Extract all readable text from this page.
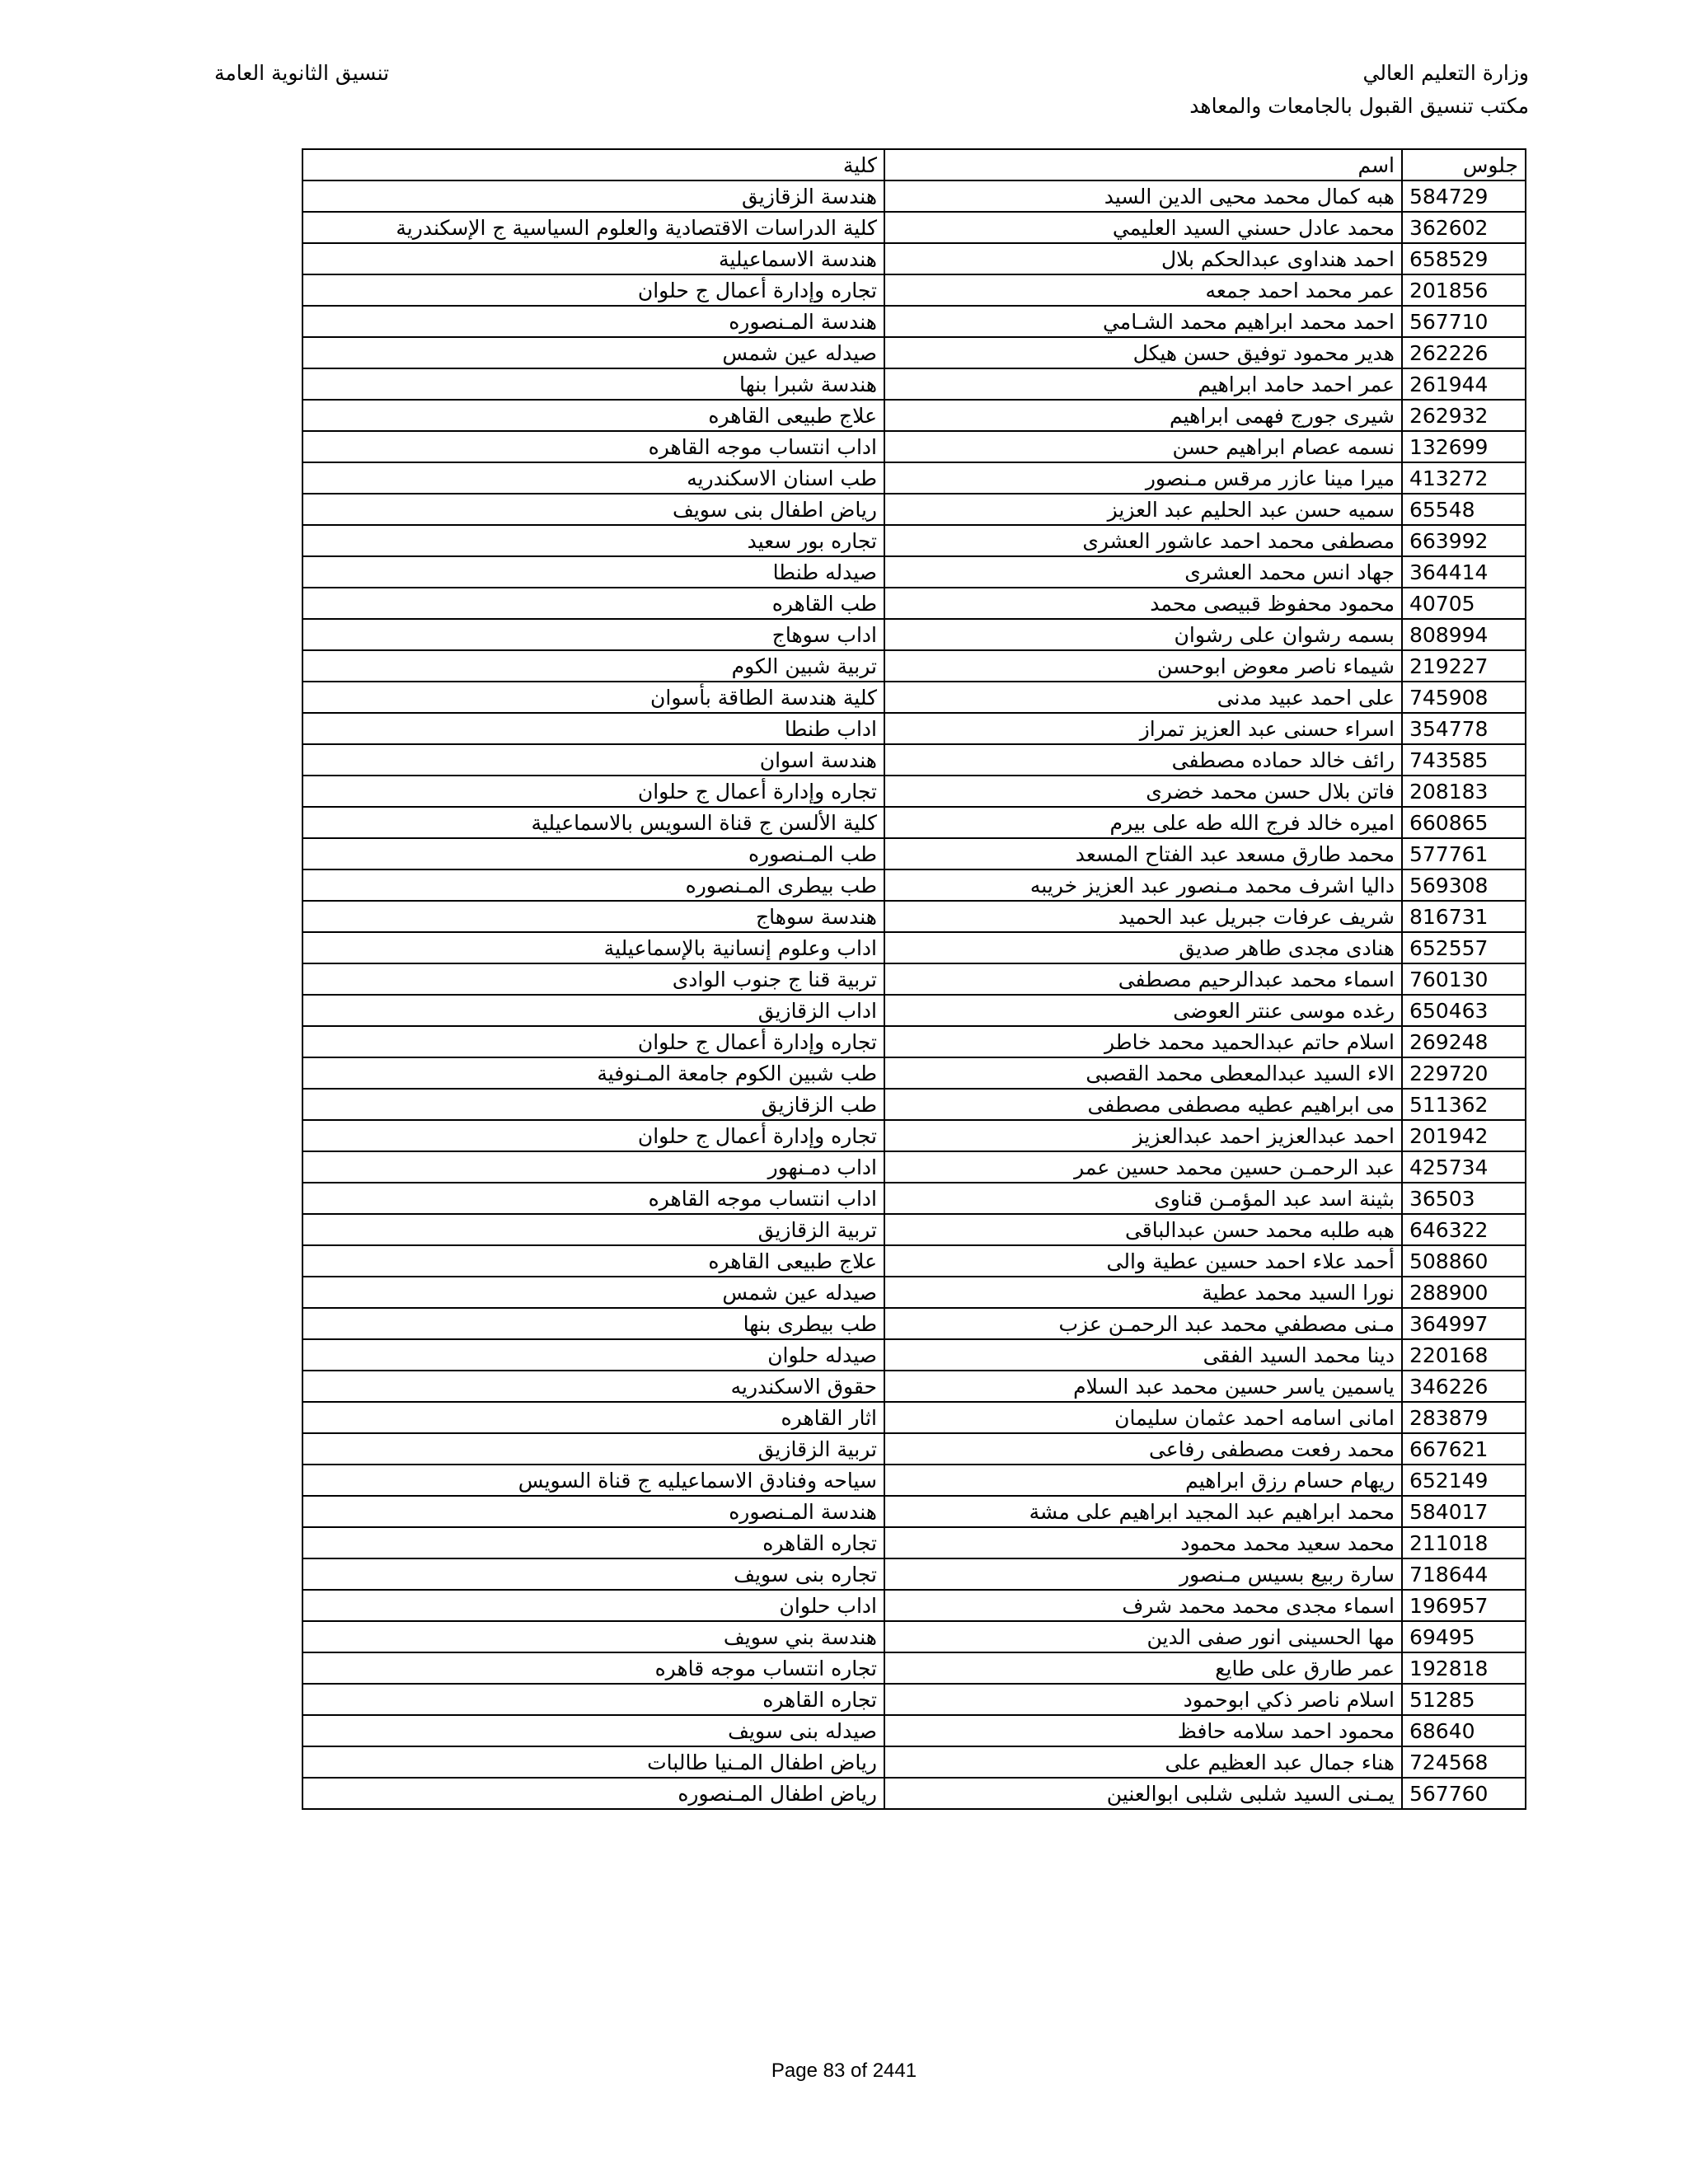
وزارة التعليم العالي
مكتب تنسيق القبول بالجامعات والمعاهد
تنسيق الثانوية العامة
جلوس	اسم	كلية
584729	هبه كمال محمد محيى الدين السيد	هندسة الزقازيق
362602	محمد عادل حسني السيد العليمي	كلية الدراسات الاقتصادية والعلوم السياسية ج الإسكندرية
658529	احمد هنداوى عبدالحكم بلال	هندسة الاسماعيلية
201856	عمر محمد احمد جمعه	تجاره وإدارة أعمال ج حلوان
567710	احمد محمد ابراهيم محمد الشـامي	هندسة المـنصوره
262226	هدير محمود توفيق حسن هيكل	صيدله عين شمس
261944	عمر احمد حامد ابراهيم	هندسة شبرا بنها
262932	شيرى جورج فهمى ابراهيم	علاج طبيعى القاهره
132699	نسمه عصام ابراهيم حسن	اداب انتساب موجه القاهره
413272	ميرا مينا عازر مرقس مـنصور	طب اسنان الاسكندريه
65548	سميه حسن عبد الحليم عبد العزيز	رياض اطفال بنى سويف
663992	مصطفى محمد احمد عاشور العشرى	تجاره بور سعيد
364414	جهاد انس محمد العشرى	صيدله طنطا
40705	محمود محفوظ قبيصى محمد	طب القاهره
808994	بسمه رشوان على رشوان	اداب سوهاج
219227	شيماء ناصر معوض ابوحسن	تربية شبين الكوم
745908	على احمد عبيد مدنى	كلية هندسة الطاقة بأسوان
354778	اسراء حسنى عبد العزيز تمراز	اداب طنطا
743585	رائف خالد حماده مصطفى	هندسة اسوان
208183	فاتن بلال حسن محمد خضرى	تجاره وإدارة أعمال ج حلوان
660865	اميره خالد فرج الله طه على بيرم	كلية الألسن ج قناة السويس بالاسماعيلية
577761	محمد طارق مسعد عبد الفتاح المسعد	طب المـنصوره
569308	داليا اشرف محمد مـنصور عبد العزيز خريبه	طب بيطرى المـنصوره
816731	شريف عرفات جبريل عبد الحميد	هندسة سوهاج
652557	هنادى مجدى طاهر صديق	اداب وعلوم إنسانية بالإسماعيلية
760130	اسماء محمد عبدالرحيم مصطفى	تربية قنا ج جنوب الوادى
650463	رغده موسى عنتر العوضى	اداب الزقازيق
269248	اسلام حاتم عبدالحميد محمد خاطر	تجاره وإدارة أعمال ج حلوان
229720	الاء السيد عبدالمعطى محمد القصبى	طب شبين الكوم جامعة المـنوفية
511362	مى ابراهيم عطيه مصطفى مصطفى	طب الزقازيق
201942	احمد عبدالعزيز احمد عبدالعزيز	تجاره وإدارة أعمال ج حلوان
425734	عبد الرحمـن حسين محمد حسين عمر	اداب دمـنهور
36503	بثينة اسد عبد المؤمـن قناوى	اداب انتساب موجه القاهره
646322	هبه طلبه محمد حسن عبدالباقى	تربية الزقازيق
508860	أحمد علاء احمد حسين عطية والى	علاج طبيعى القاهره
288900	نورا السيد محمد عطية	صيدله عين شمس
364997	مـنى مصطفي محمد عبد الرحمـن عزب	طب بيطرى بنها
220168	دينا محمد السيد الفقى	صيدله حلوان
346226	ياسمين ياسر حسين محمد عبد السلام	حقوق الاسكندريه
283879	امانى اسامه احمد عثمان سليمان	اثار القاهره
667621	محمد رفعت مصطفى رفاعى	تربية الزقازيق
652149	ريهام حسام رزق ابراهيم	سياحه وفنادق الاسماعيليه ج قناة السويس
584017	محمد ابراهيم عبد المجيد ابراهيم على مشة	هندسة المـنصوره
211018	محمد سعيد محمد محمود	تجاره القاهره
718644	سارة ربيع بسيس مـنصور	تجاره بنى سويف
196957	اسماء مجدى محمد محمد شرف	اداب حلوان
69495	مها الحسينى انور صفى الدين	هندسة بني سويف
192818	عمر طارق على طايع	تجاره انتساب موجه قاهره
51285	اسلام ناصر ذكي ابوحمود	تجاره القاهره
68640	محمود احمد سلامه حافظ	صيدله بنى سويف
724568	هناء جمال عبد العظيم على	رياض اطفال المـنيا طالبات
567760	يمـنى السيد شلبى شلبى ابوالعنين	رياض اطفال المـنصوره
Page 83 of 2441
